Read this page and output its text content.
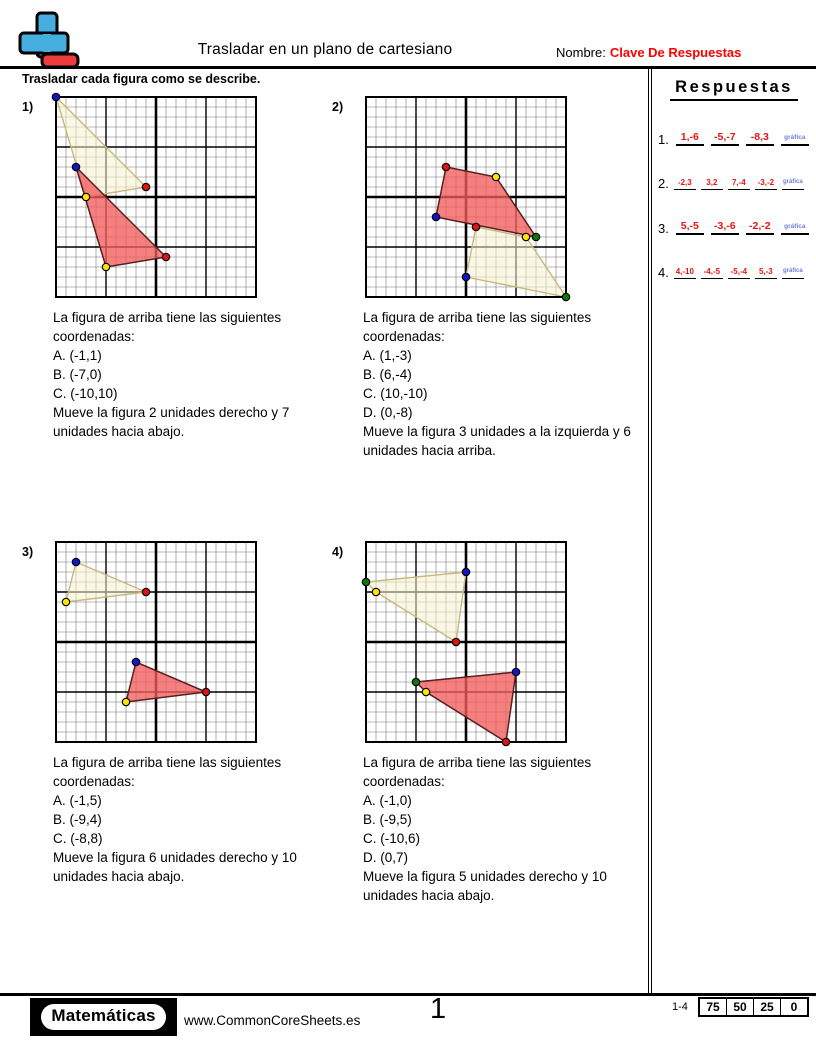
Trasladar en un plano de cartesiano	Nombre: Clave De Respuestas
Trasladar cada figura como se describe.	Respuestas
1.	1,-6	-5,-7	-8,3	gráfica
2.	-2,3	3,2	7,-4	-3,-2	gráfica
3.	5,-5	-3,-6	-2,-2	gráfica
4. 4,-10	-4,-5	-5,-4	5,-3	gráfica
1)
La figura de arriba tiene las siguientes coordenadas:
A. (-1,1)
B. (-7,0)
C. (-10,10)
Mueve la figura 2 unidades derecho y 7 unidades hacia abajo.
2)
La figura de arriba tiene las siguientes coordenadas:
A. (1,-3)
B. (6,-4)
C. (10,-10)
D. (0,-8)
Mueve la figura 3 unidades a la izquierda y 6 unidades hacia arriba.
3)
La figura de arriba tiene las siguientes coordenadas:
A. (-1,5)
B. (-9,4)
C. (-8,8)
Mueve la figura 6 unidades derecho y 10 unidades hacia abajo.
4)
La figura de arriba tiene las siguientes coordenadas:
A. (-1,0)
B. (-9,5)
C. (-10,6)
D. (0,7)
Mueve la figura 5 unidades derecho y 10 unidades hacia abajo.
Matemáticas	www.CommonCoreSheets.es 1	1-4	75	50	25	0
